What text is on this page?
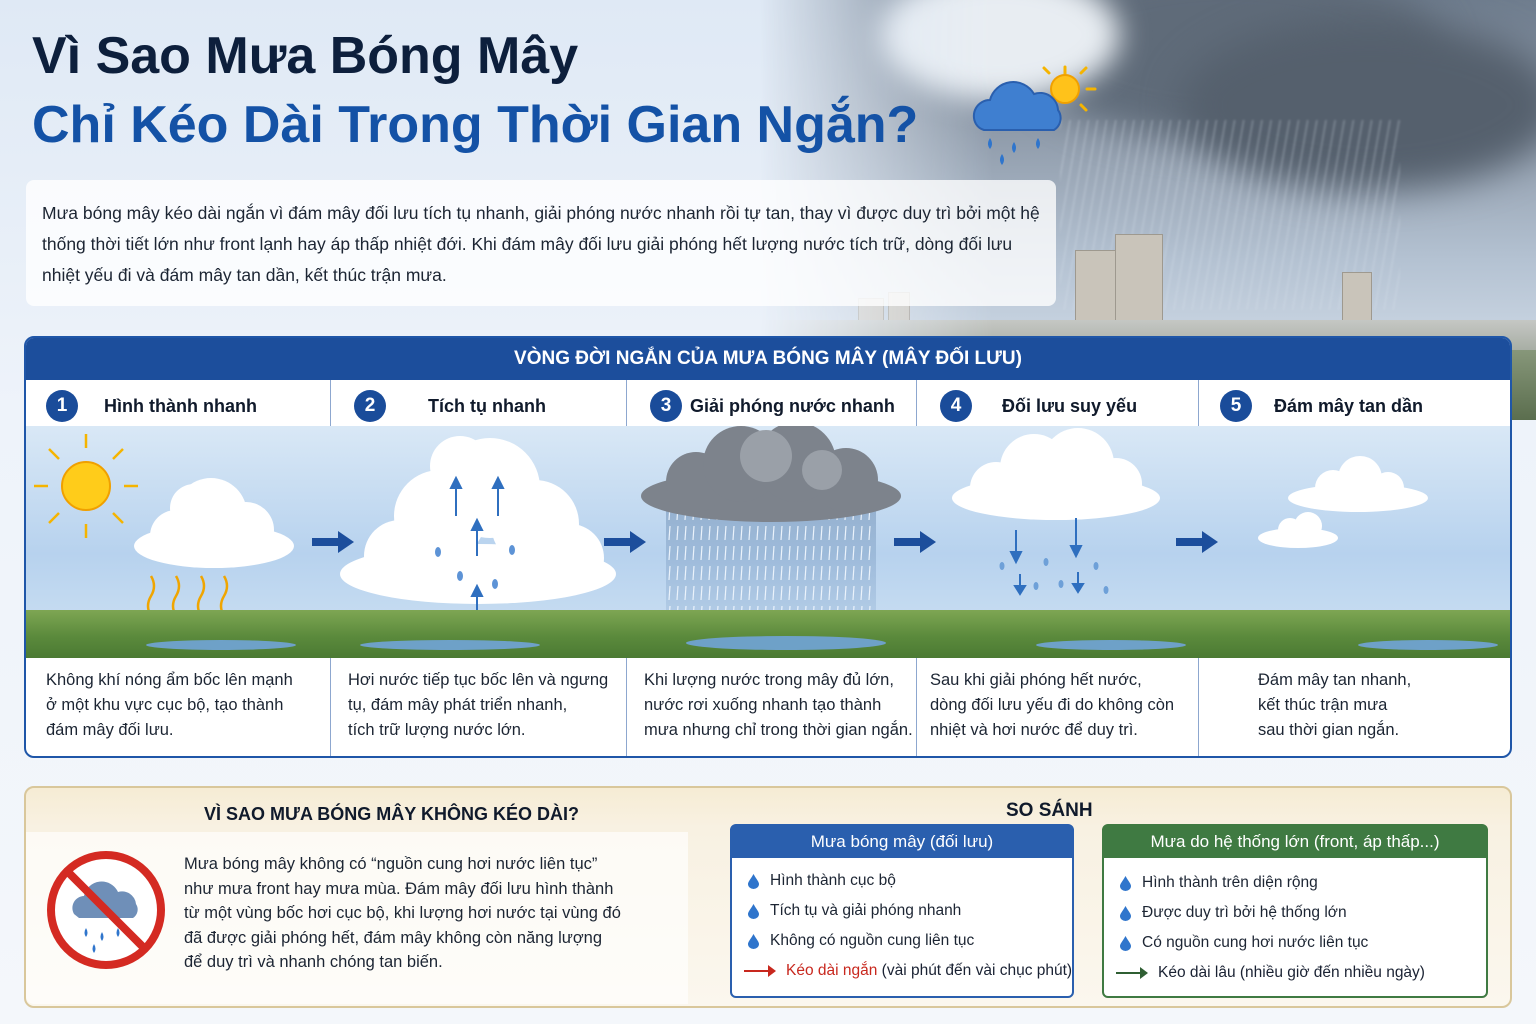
Vì Sao Mưa Bóng Mây
Chỉ Kéo Dài Trong Thời Gian Ngắn?
Mưa bóng mây kéo dài ngắn vì đám mây đối lưu tích tụ nhanh, giải phóng nước nhanh rồi tự tan, thay vì được duy trì bởi một hệ thống thời tiết lớn như front lạnh hay áp thấp nhiệt đới. Khi đám mây đối lưu giải phóng hết lượng nước tích trữ, dòng đối lưu nhiệt yếu đi và đám mây tan dần, kết thúc trận mưa.
VÒNG ĐỜI NGẮN CỦA MƯA BÓNG MÂY (MÂY ĐỐI LƯU)
1	Hình thành nhanh
Không khí nóng ẩm bốc lên mạnh
ở một khu vực cục bộ, tạo thành
đám mây đối lưu.
2	Tích tụ nhanh
Hơi nước tiếp tục bốc lên và ngưng
tụ, đám mây phát triển nhanh,
tích trữ lượng nước lớn.
3	Giải phóng nước nhanh
Khi lượng nước trong mây đủ lớn,
nước rơi xuống nhanh tạo thành
mưa nhưng chỉ trong thời gian ngắn.
4	Đối lưu suy yếu
Sau khi giải phóng hết nước,
dòng đối lưu yếu đi do không còn
nhiệt và hơi nước để duy trì.
5	Đám mây tan dần
Đám mây tan nhanh,
kết thúc trận mưa
sau thời gian ngắn.
VÌ SAO MƯA BÓNG MÂY KHÔNG KÉO DÀI?
Mưa bóng mây không có “nguồn cung hơi nước liên tục”
như mưa front hay mưa mùa. Đám mây đối lưu hình thành
từ một vùng bốc hơi cục bộ, khi lượng hơi nước tại vùng đó
đã được giải phóng hết, đám mây không còn năng lượng
để duy trì và nhanh chóng tan biến.
SO SÁNH
Mưa bóng mây (đối lưu)
Hình thành cục bộ
Tích tụ và giải phóng nhanh
Không có nguồn cung liên tục
Kéo dài ngắn (vài phút đến vài chục phút)
Mưa do hệ thống lớn (front, áp thấp...)
Hình thành trên diện rộng
Được duy trì bởi hệ thống lớn
Có nguồn cung hơi nước liên tục
Kéo dài lâu (nhiều giờ đến nhiều ngày)
